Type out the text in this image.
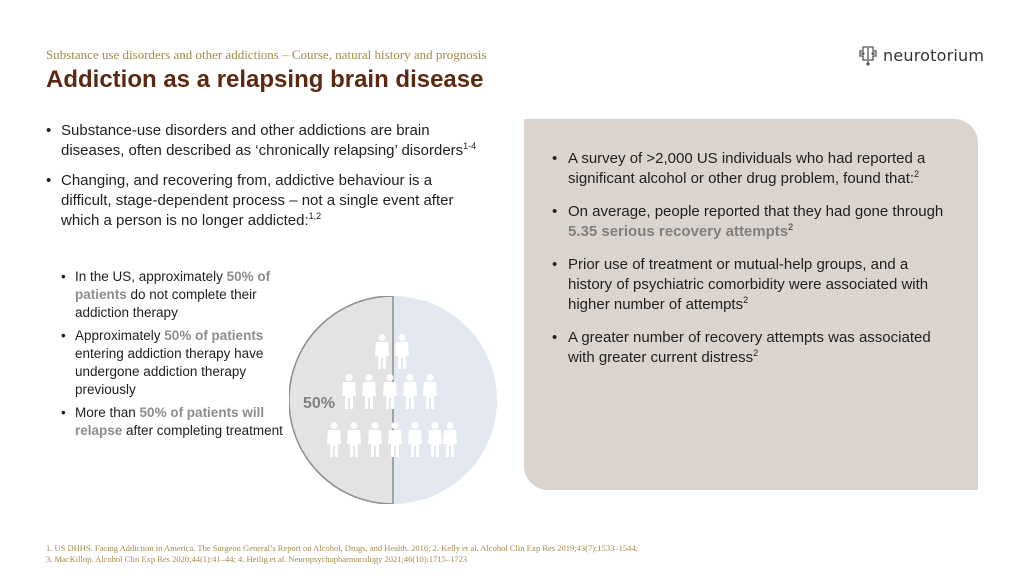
Substance use disorders and other addictions – Course, natural history and prognosis
Addiction as a relapsing brain disease
neurotorium
• Substance-use disorders and other addictions are brain diseases, often described as ‘chronically relapsing’ disorders$^{1-4}$
• Changing, and recovering from, addictive behaviour is a difficult, stage-dependent process – not a single event after which a person is no longer addicted:$^{1,2}$
• In the US, approximately 50% of patients do not complete their addiction therapy
• Approximately 50% of patients entering addiction therapy have undergone addiction therapy previously
• More than 50% of patients will relapse after completing treatment
50%
• A survey of >2,000 US individuals who had reported a significant alcohol or other drug problem, found that:$^2$
• On average, people reported that they had gone through 5.35 serious recovery attempts$^2$
• Prior use of treatment or mutual-help groups, and a history of psychiatric comorbidity were associated with higher number of attempts$^2$
• A greater number of recovery attempts was associated with greater current distress$^2$
1. US DHHS. Facing Addiction in America. The Surgeon General’s Report on Alcohol, Drugs, and Health. 2016; 2. Kelly et al. Alcohol Clin Exp Res 2019;43(7):1533–1544;
3. MacKillop. Alcohol Clin Exp Res 2020;44(1):41–44; 4. Heilig et al. Neuropsychopharmacology 2021;46(10):1715–1723
